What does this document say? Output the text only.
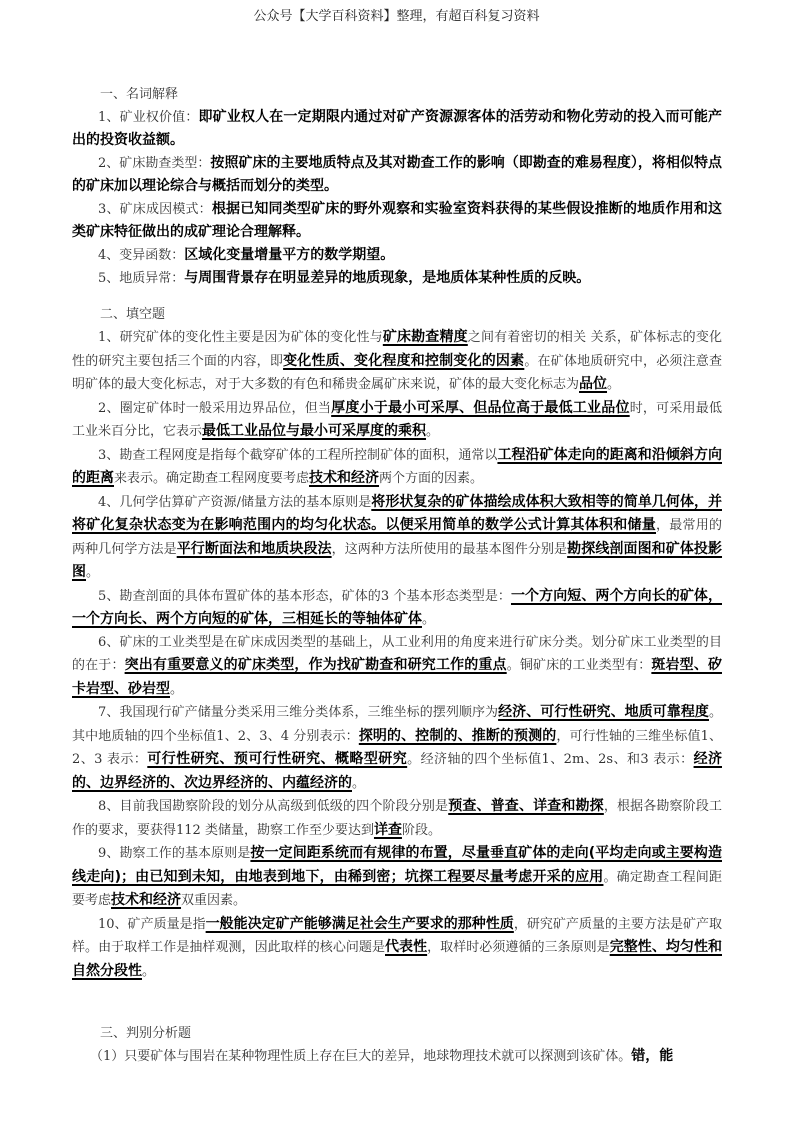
公众号【大学百科资料】整理，有超百科复习资料
一、名词解释

1、矿业权价值：即矿业权人在一定期限内通过对矿产资源源客体的活劳动和物化劳动的投入而可能产出的投资收益额。

2、矿床勘查类型：按照矿床的主要地质特点及其对勘查工作的影响（即勘查的难易程度），将相似特点的矿床加以理论综合与概括而划分的类型。

3、矿床成因模式：根据已知同类型矿床的野外观察和实验室资料获得的某些假设推断的地质作用和这类矿床特征做出的成矿理论合理解释。

4、变异函数：区域化变量增量平方的数学期望。

5、地质异常：与周围背景存在明显差异的地质现象，是地质体某种性质的反映。

二、填空题

1、研究矿体的变化性主要是因为矿体的变化性与矿床勘查精度之间有着密切的相关 关系，矿体标志的变化性的研究主要包括三个面的内容，即变化性质、变化程度和控制变化的因素。在矿体地质研究中，必须注意查明矿体的最大变化标志，对于大多数的有色和稀贵金属矿床来说，矿体的最大变化标志为品位。

2、圈定矿体时一般采用边界品位，但当厚度小于最小可采厚、但品位高于最低工业品位时，可采用最低工业米百分比，它表示最低工业品位与最小可采厚度的乘积。

3、勘查工程网度是指每个截穿矿体的工程所控制矿体的面积，通常以工程沿矿体走向的距离和沿倾斜方向的距离来表示。确定勘查工程网度要考虑技术和经济两个方面的因素。

4、几何学估算矿产资源/储量方法的基本原则是将形状复杂的矿体描绘成体积大致相等的简单几何体，并将矿化复杂状态变为在影响范围内的均匀化状态。以便采用简单的数学公式计算其体积和储量，最常用的两种几何学方法是平行断面法和地质块段法，这两种方法所使用的最基本图件分别是勘探线剖面图和矿体投影图。

5、勘查剖面的具体布置矿体的基本形态，矿体的3 个基本形态类型是：一个方向短、两个方向长的矿体，一个方向长、两个方向短的矿体，三相延长的等轴体矿体。

6、矿床的工业类型是在矿床成因类型的基础上，从工业利用的角度来进行矿床分类。划分矿床工业类型的目的在于：突出有重要意义的矿床类型，作为找矿勘查和研究工作的重点。铜矿床的工业类型有：斑岩型、矽卡岩型、砂岩型。

7、我国现行矿产储量分类采用三维分类体系，三维坐标的摆列顺序为经济、可行性研究、地质可靠程度。其中地质轴的四个坐标值1、2、3、4 分别表示：探明的、控制的、推断的预测的，可行性轴的三维坐标值1、2、3 表示：可行性研究、预可行性研究、概略型研究。经济轴的四个坐标值1、2m、2s、和3 表示：经济的、边界经济的、次边界经济的、内蕴经济的。

8、目前我国勘察阶段的划分从高级到低级的四个阶段分别是预查、普查、详查和勘探，根据各勘察阶段工作的要求，要获得112 类储量，勘察工作至少要达到详查阶段。

9、勘察工作的基本原则是按一定间距系统而有规律的布置，尽量垂直矿体的走向(平均走向或主要构造线走向)；由已知到未知，由地表到地下，由稀到密；坑探工程要尽量考虑开采的应用。确定勘查工程间距要考虑技术和经济双重因素。

10、矿产质量是指一般能决定矿产能够满足社会生产要求的那种性质，研究矿产质量的主要方法是矿产取样。由于取样工作是抽样观测，因此取样的核心问题是代表性，取样时必须遵循的三条原则是完整性、均匀性和自然分段性。

三、判别分析题

（1）只要矿体与围岩在某种物理性质上存在巨大的差异，地球物理技术就可以探测到该矿体。错，能
